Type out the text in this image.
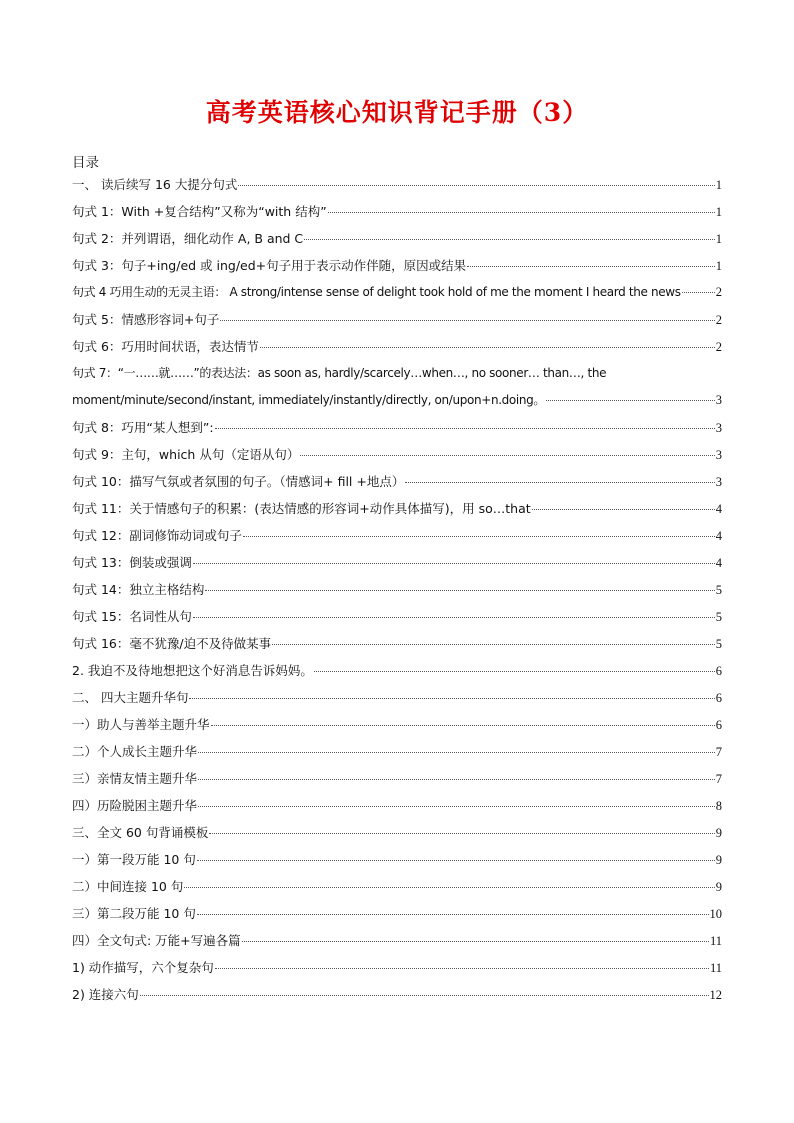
高考英语核心知识背记手册（3）
目录
一、 读后续写 16 大提分句式	1
句式 1：With +复合结构”又称为“with 结构”	1
句式 2：并列谓语，细化动作 A, B and C	1
句式 3：句子+ing/ed 或 ing/ed+句子用于表示动作伴随，原因或结果	1
句式 4 巧用生动的无灵主语： A strong/intense sense of delight took hold of me the moment I heard the news	2
句式 5：情感形容词+句子	2
句式 6：巧用时间状语，表达情节	2
句式 7：“一……就……”的表达法：as soon as, hardly/scarcely…when…, no sooner… than…, the
moment/minute/second/instant, immediately/instantly/directly, on/upon+n.doing。	3
句式 8：巧用“某人想到”:	3
句式 9：主句，which 从句（定语从句）	3
句式 10：描写气氛或者氛围的句子。（情感词+ fill +地点）	3
句式 11：关于情感句子的积累：(表达情感的形容词+动作具体描写)，用 so…that	4
句式 12：副词修饰动词或句子	4
句式 13：倒装或强调	4
句式 14：独立主格结构	5
句式 15：名词性从句	5
句式 16：毫不犹豫/迫不及待做某事	5
2. 我迫不及待地想把这个好消息告诉妈妈。	6
二、 四大主题升华句	6
一）助人与善举主题升华	6
二）个人成长主题升华	7
三）亲情友情主题升华	7
四）历险脱困主题升华	8
三、全文 60 句背诵模板	9
一）第一段万能 10 句	9
二）中间连接 10 句	9
三）第二段万能 10 句	10
四）全文句式: 万能+写遍各篇	11
1) 动作描写，六个复杂句	11
2) 连接六句	12
